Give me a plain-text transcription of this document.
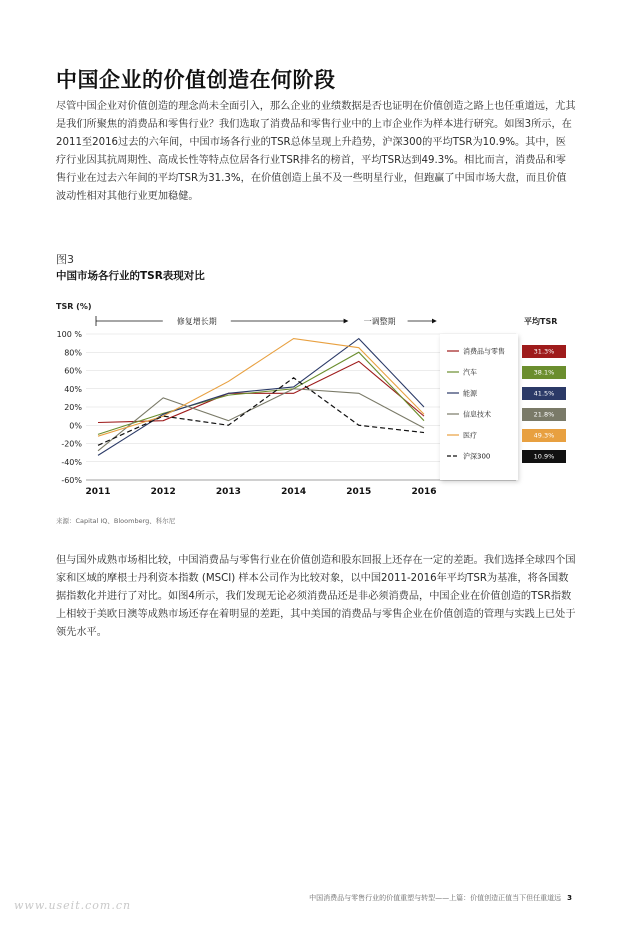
中国企业的价值创造在何阶段
尽管中国企业对价值创造的理念尚未全面引入，那么企业的业绩数据是否也证明在价值创造之路上也任重道远，尤其是我们所聚焦的消费品和零售行业？我们选取了消费品和零售行业中的上市企业作为样本进行研究。如图3所示，在2011至2016过去的六年间，中国市场各行业的TSR总体呈现上升趋势，沪深300的平均TSR为10.9%。其中，医疗行业因其抗周期性、高成长性等特点位居各行业TSR排名的榜首，平均TSR达到49.3%。相比而言，消费品和零售行业在过去六年间的平均TSR为31.3%，在价值创造上虽不及一些明星行业，但跑赢了中国市场大盘，而且价值波动性相对其他行业更加稳健。
图3
中国市场各行业的TSR表现对比
TSR (%)
修复增长期	一调整期
消费品与零售
汽车
能源
信息技术
医疗
沪深300
平均TSR
31.3%
38.1%
41.5%
21.8%
49.3%
10.9%
100 %
80%
60%
40%
20%
0%
-20%
-40%
-60%
2011	2012	2013	2014	2015	2016
来源：Capital IQ、Bloomberg、科尔尼
但与国外成熟市场相比较，中国消费品与零售行业在价值创造和股东回报上还存在一定的差距。我们选择全球四个国家和区域的摩根士丹利资本指数 (MSCI) 样本公司作为比较对象，以中国2011-2016年平均TSR为基准，将各国数据指数化并进行了对比。如图4所示，我们发现无论必须消费品还是非必须消费品，中国企业在价值创造的TSR指数上相较于美欧日澳等成熟市场还存在着明显的差距，其中美国的消费品与零售企业在价值创造的管理与实践上已处于领先水平。
中国消费品与零售行业的价值重塑与转型——上篇：价值创造正值当下但任重道远 3
www.useit.com.cn
